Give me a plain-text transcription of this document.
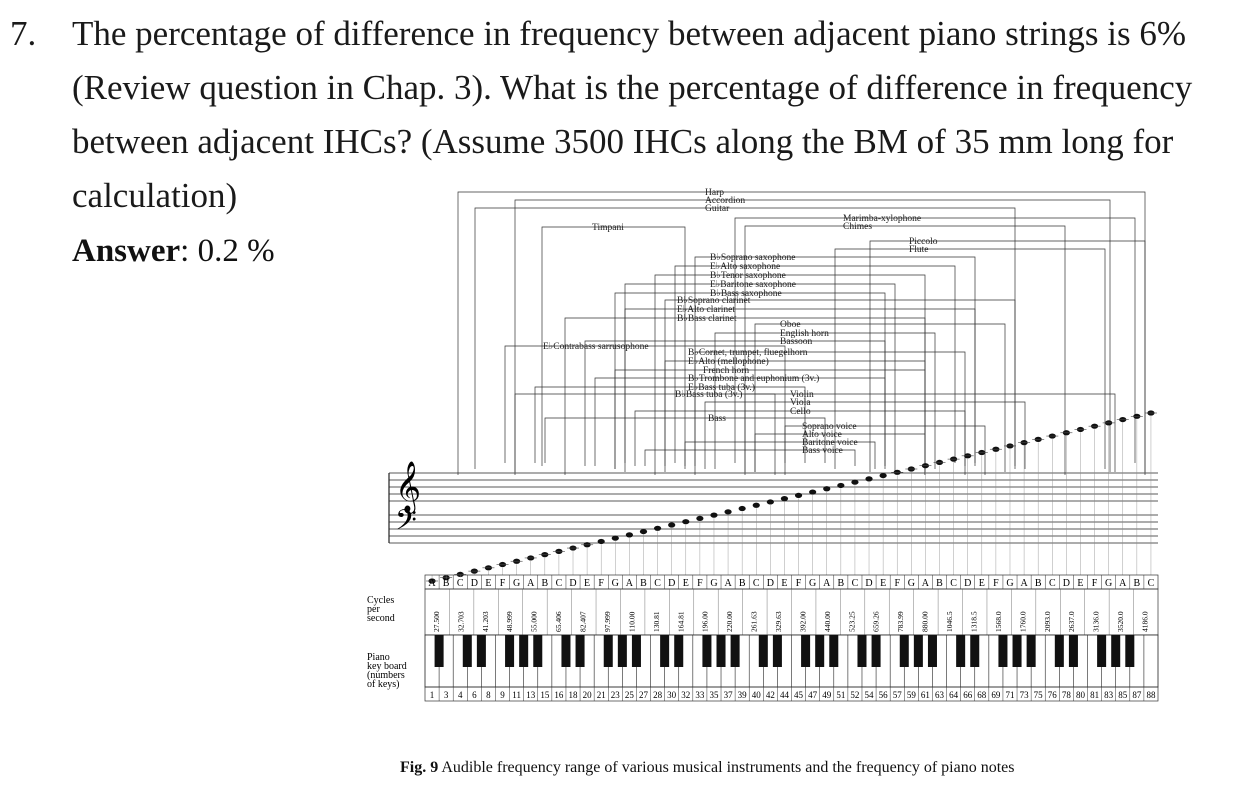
7. The percentage of difference in frequency between adjacent piano strings is 6%
(Review question in Chap. 3). What is the percentage of difference in frequency
between adjacent IHCs? (Assume 3500 IHCs along the BM of 35 mm long for
calculation)
Answer: 0.2 %
Harp
Accordion
Guitar
Timpani
Marimba-xylophone
Chimes
Piccolo
Flute
B♭Soprano saxophone
E♭Alto saxophone
B♭Tenor saxophone
E♭Baritone saxophone
B♭Bass saxophone
B♭Soprano clarinet
E♭Alto clarinet
B♭Bass clarinet
Oboe
English horn
Bassoon
E♭Contrabass sarrusophone
B♭Cornet, trumpet, fluegelhorn
E♭Alto (mellophone)
French horn
B♭Trombone and euphonium (3v.)
E♭Bass tuba (3v.)
B♭Bass tuba (3v.)	Violin
Viola
Cello
Bass
Soprano voice
Alto voice
Baritone voice
Bass voice
𝄞
𝄢
A B C D E F G A B C D E F G A B C D E F G A B C D E F G A B C D E F G A B C D E F G A B C D E F G A B C
Cycles
per
second	27.500 32.703 41.203 48.999 55.000 65.406 82.407 97.999 110.00 130.81 164.81 196.00 220.00 261.63 329.63 392.00 440.00 523.25 659.26 783.99 880.00 1046.5 1318.5 1568.0 1760.0 2093.0 2637.0 3136.0 3520.0 4186.0
Piano
key board
(numbers
of keys)
1 3 4 6 8 9 11 13 15 16 18 20 21 23 25 27 28 30 32 33 35 37 39 40 42 44 45 47 49 51 52 54 56 57 59 61 63 64 66 68 69 71 73 75 76 78 80 81 83 85 87 88
Fig. 9 Audible frequency range of various musical instruments and the frequency of piano notes
